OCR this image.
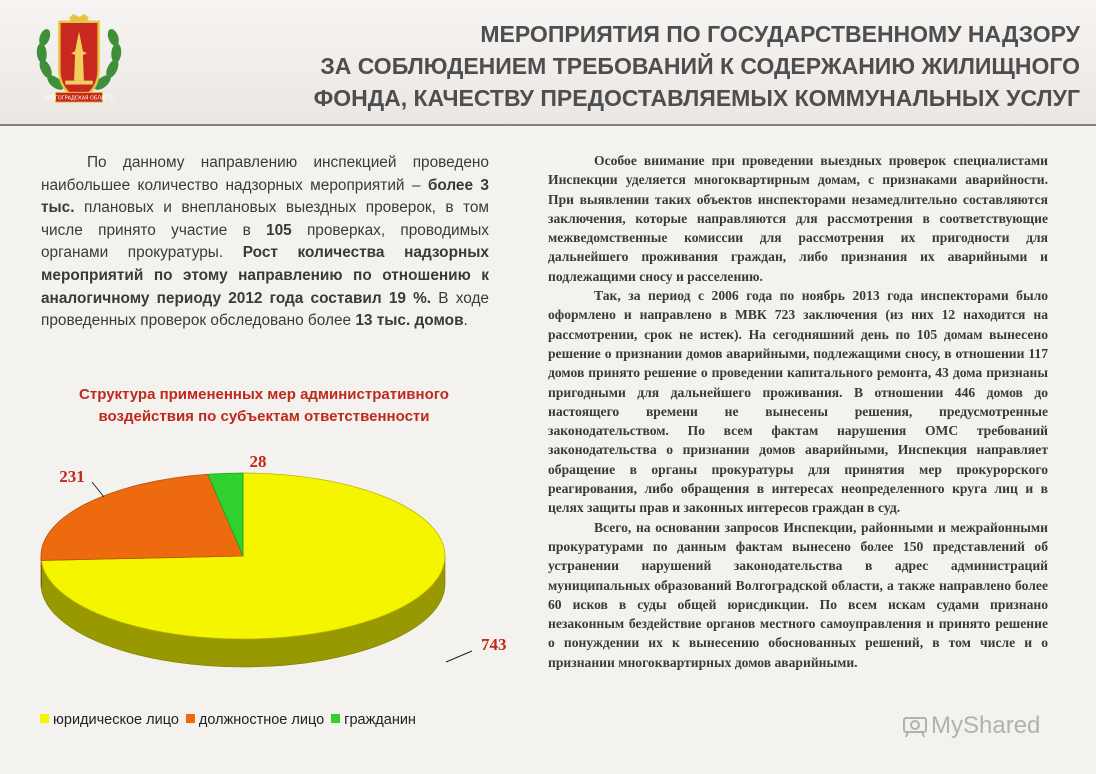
ВОЛГОГРАДСКАЯ ОБЛАСТЬ
МЕРОПРИЯТИЯ ПО ГОСУДАРСТВЕННОМУ НАДЗОРУ
ЗА СОБЛЮДЕНИЕМ ТРЕБОВАНИЙ К СОДЕРЖАНИЮ ЖИЛИЩНОГО
ФОНДА, КАЧЕСТВУ ПРЕДОСТАВЛЯЕМЫХ КОММУНАЛЬНЫХ УСЛУГ

По данному направлению инспекцией проведено наибольшее количество надзорных мероприятий – более 3 тыс. плановых и внеплановых выездных проверок, в том числе принято участие в 105 проверках, проводимых органами прокуратуры. Рост количества надзорных мероприятий по этому направлению по отношению к аналогичному периоду 2012 года составил 19 %. В ходе проведенных проверок обследовано более 13 тыс. домов.

Структура примененных мер административного воздействия по субъектам ответственности
743
231
28
юридическое лицо должностное лицо гражданин

Особое внимание при проведении выездных проверок специалистами Инспекции уделяется многоквартирным домам, с признаками аварийности. При выявлении таких объектов инспекторами незамедлительно составляются заключения, которые направляются для рассмотрения в соответствующие межведомственные комиссии для рассмотрения их пригодности для дальнейшего проживания граждан, либо признания их аварийными и подлежащими сносу и расселению.

Так, за период с 2006 года по ноябрь 2013 года инспекторами было оформлено и направлено в МВК 723 заключения (из них 12 находится на рассмотрении, срок не истек). На сегодняшний день по 105 домам вынесено решение о признании домов аварийными, подлежащими сносу, в отношении 117 домов принято решение о проведении капитального ремонта, 43 дома признаны пригодными для дальнейшего проживания. В отношении 446 домов до настоящего времени не вынесены решения, предусмотренные законодательством. По всем фактам нарушения ОМС требований законодательства о признании домов аварийными, Инспекция направляет обращение в органы прокуратуры для принятия мер прокурорского реагирования, либо обращения в интересах неопределенного круга лиц и в целях защиты прав и законных интересов граждан в суд.

Всего, на основании запросов Инспекции, районными и межрайонными прокуратурами по данным фактам вынесено более 150 представлений об устранении нарушений законодательства в адрес администраций муниципальных образований Волгоградской области, а также направлено более 60 исков в суды общей юрисдикции. По всем искам судами признано незаконным бездействие органов местного самоуправления и принято решение о понуждении их к вынесению обоснованных решений, в том числе и о признании многоквартирных домов аварийными.

MyShared
